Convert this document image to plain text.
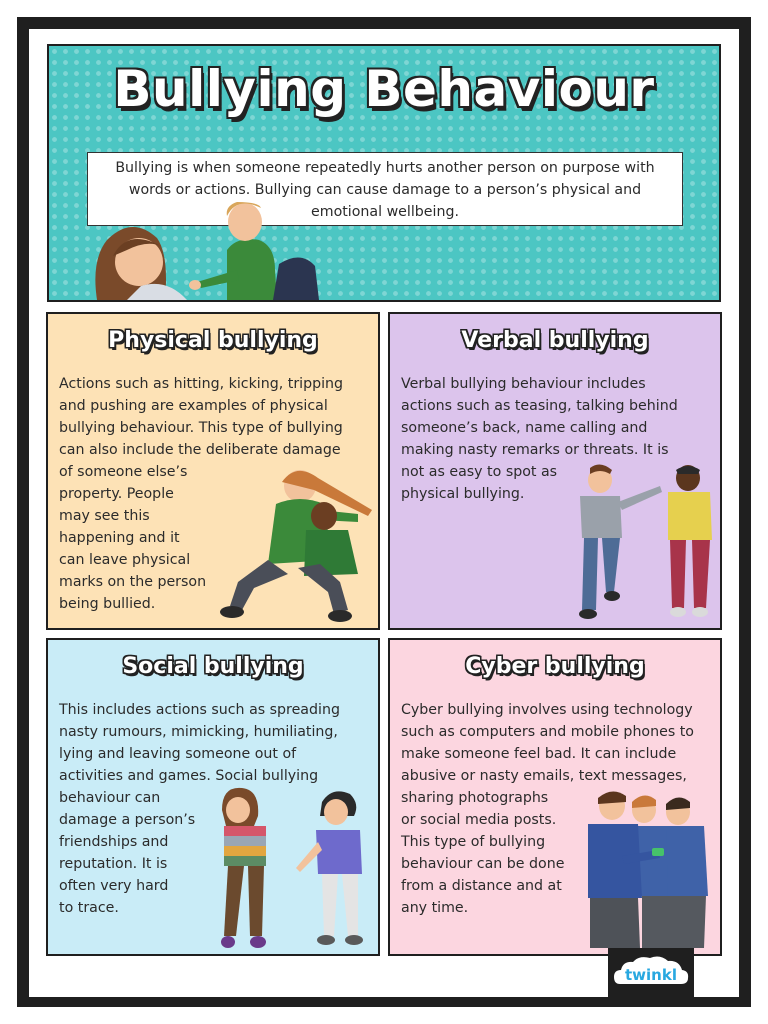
Bullying Behaviour
Bullying is when someone repeatedly hurts another person on purpose with
words or actions. Bullying can cause damage to a person’s physical and
emotional wellbeing.
Physical bullying
Actions such as hitting, kicking, tripping
and pushing are examples of physical
bullying behaviour. This type of bullying
can also include the deliberate damage
of someone else’s
property. People
may see this
happening and it
can leave physical
marks on the person
being bullied.
Verbal bullying
Verbal bullying behaviour includes
actions such as teasing, talking behind
someone’s back, name calling and
making nasty remarks or threats. It is
not as easy to spot as
physical bullying.
Social bullying
This includes actions such as spreading
nasty rumours, mimicking, humiliating,
lying and leaving someone out of
activities and games. Social bullying
behaviour can
damage a person’s
friendships and
reputation. It is
often very hard
to trace.
Cyber bullying
Cyber bullying involves using technology
such as computers and mobile phones to
make someone feel bad. It can include
abusive or nasty emails, text messages,
sharing photographs
or social media posts.
This type of bullying
behaviour can be done
from a distance and at
any time.
twinkl
